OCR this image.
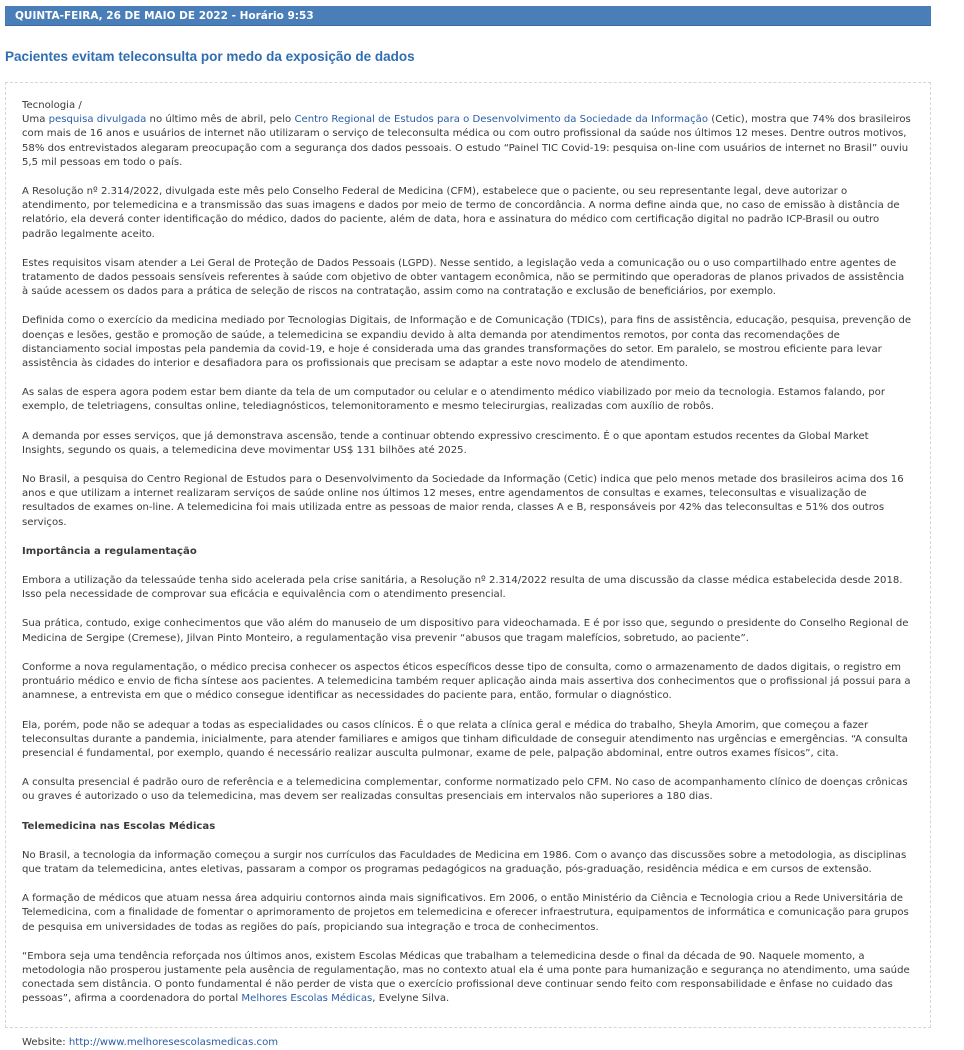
QUINTA-FEIRA, 26 DE MAIO DE 2022 - Horário 9:53
Pacientes evitam teleconsulta por medo da exposição de dados

Tecnologia /
Uma pesquisa divulgada no último mês de abril, pelo Centro Regional de Estudos para o Desenvolvimento da Sociedade da Informação (Cetic), mostra que 74% dos brasileiros com mais de 16 anos e usuários de internet não utilizaram o serviço de teleconsulta médica ou com outro profissional da saúde nos últimos 12 meses. Dentre outros motivos, 58% dos entrevistados alegaram preocupação com a segurança dos dados pessoais. O estudo “Painel TIC Covid-19: pesquisa on-line com usuários de internet no Brasil” ouviu 5,5 mil pessoas em todo o país.

A Resolução nº 2.314/2022, divulgada este mês pelo Conselho Federal de Medicina (CFM), estabelece que o paciente, ou seu representante legal, deve autorizar o atendimento, por telemedicina e a transmissão das suas imagens e dados por meio de termo de concordância. A norma define ainda que, no caso de emissão à distância de relatório, ela deverá conter identificação do médico, dados do paciente, além de data, hora e assinatura do médico com certificação digital no padrão ICP-Brasil ou outro padrão legalmente aceito.

Estes requisitos visam atender a Lei Geral de Proteção de Dados Pessoais (LGPD). Nesse sentido, a legislação veda a comunicação ou o uso compartilhado entre agentes de tratamento de dados pessoais sensíveis referentes à saúde com objetivo de obter vantagem econômica, não se permitindo que operadoras de planos privados de assistência à saúde acessem os dados para a prática de seleção de riscos na contratação, assim como na contratação e exclusão de beneficiários, por exemplo.

Definida como o exercício da medicina mediado por Tecnologias Digitais, de Informação e de Comunicação (TDICs), para fins de assistência, educação, pesquisa, prevenção de doenças e lesões, gestão e promoção de saúde, a telemedicina se expandiu devido à alta demanda por atendimentos remotos, por conta das recomendações de distanciamento social impostas pela pandemia da covid-19, e hoje é considerada uma das grandes transformações do setor. Em paralelo, se mostrou eficiente para levar assistência às cidades do interior e desafiadora para os profissionais que precisam se adaptar a este novo modelo de atendimento.

As salas de espera agora podem estar bem diante da tela de um computador ou celular e o atendimento médico viabilizado por meio da tecnologia. Estamos falando, por exemplo, de teletriagens, consultas online, telediagnósticos, telemonitoramento e mesmo telecirurgias, realizadas com auxílio de robôs.

A demanda por esses serviços, que já demonstrava ascensão, tende a continuar obtendo expressivo crescimento. É o que apontam estudos recentes da Global Market Insights, segundo os quais, a telemedicina deve movimentar US$ 131 bilhões até 2025.

No Brasil, a pesquisa do Centro Regional de Estudos para o Desenvolvimento da Sociedade da Informação (Cetic) indica que pelo menos metade dos brasileiros acima dos 16 anos e que utilizam a internet realizaram serviços de saúde online nos últimos 12 meses, entre agendamentos de consultas e exames, teleconsultas e visualização de resultados de exames on-line. A telemedicina foi mais utilizada entre as pessoas de maior renda, classes A e B, responsáveis por 42% das teleconsultas e 51% dos outros serviços.

Importância a regulamentação

Embora a utilização da telessaúde tenha sido acelerada pela crise sanitária, a Resolução nº 2.314/2022 resulta de uma discussão da classe médica estabelecida desde 2018. Isso pela necessidade de comprovar sua eficácia e equivalência com o atendimento presencial.

Sua prática, contudo, exige conhecimentos que vão além do manuseio de um dispositivo para videochamada. E é por isso que, segundo o presidente do Conselho Regional de Medicina de Sergipe (Cremese), Jilvan Pinto Monteiro, a regulamentação visa prevenir “abusos que tragam malefícios, sobretudo, ao paciente”.

Conforme a nova regulamentação, o médico precisa conhecer os aspectos éticos específicos desse tipo de consulta, como o armazenamento de dados digitais, o registro em prontuário médico e envio de ficha síntese aos pacientes. A telemedicina também requer aplicação ainda mais assertiva dos conhecimentos que o profissional já possui para a anamnese, a entrevista em que o médico consegue identificar as necessidades do paciente para, então, formular o diagnóstico.

Ela, porém, pode não se adequar a todas as especialidades ou casos clínicos. É o que relata a clínica geral e médica do trabalho, Sheyla Amorim, que começou a fazer teleconsultas durante a pandemia, inicialmente, para atender familiares e amigos que tinham dificuldade de conseguir atendimento nas urgências e emergências. “A consulta presencial é fundamental, por exemplo, quando é necessário realizar ausculta pulmonar, exame de pele, palpação abdominal, entre outros exames físicos”, cita.

A consulta presencial é padrão ouro de referência e a telemedicina complementar, conforme normatizado pelo CFM. No caso de acompanhamento clínico de doenças crônicas ou graves é autorizado o uso da telemedicina, mas devem ser realizadas consultas presenciais em intervalos não superiores a 180 dias.

Telemedicina nas Escolas Médicas

No Brasil, a tecnologia da informação começou a surgir nos currículos das Faculdades de Medicina em 1986. Com o avanço das discussões sobre a metodologia, as disciplinas que tratam da telemedicina, antes eletivas, passaram a compor os programas pedagógicos na graduação, pós-graduação, residência médica e em cursos de extensão.

A formação de médicos que atuam nessa área adquiriu contornos ainda mais significativos. Em 2006, o então Ministério da Ciência e Tecnologia criou a Rede Universitária de Telemedicina, com a finalidade de fomentar o aprimoramento de projetos em telemedicina e oferecer infraestrutura, equipamentos de informática e comunicação para grupos de pesquisa em universidades de todas as regiões do país, propiciando sua integração e troca de conhecimentos.

“Embora seja uma tendência reforçada nos últimos anos, existem Escolas Médicas que trabalham a telemedicina desde o final da década de 90. Naquele momento, a metodologia não prosperou justamente pela ausência de regulamentação, mas no contexto atual ela é uma ponte para humanização e segurança no atendimento, uma saúde conectada sem distância. O ponto fundamental é não perder de vista que o exercício profissional deve continuar sendo feito com responsabilidade e ênfase no cuidado das pessoas”, afirma a coordenadora do portal Melhores Escolas Médicas, Evelyne Silva.

Website: http://www.melhoresescolasmedicas.com
